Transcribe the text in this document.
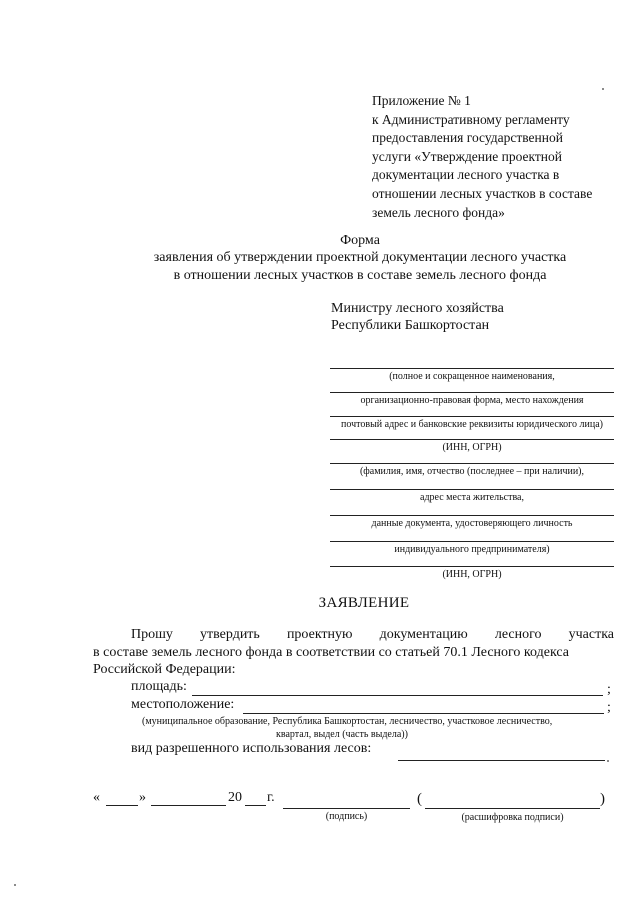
Приложение № 1
к Административному регламенту
предоставления государственной
услуги «Утверждение проектной
документации лесного участка в
отношении лесных участков в составе
земель лесного фонда»
Форма
заявления об утверждении проектной документации лесного участка
в отношении лесных участков в составе земель лесного фонда
Министру лесного хозяйства
Республики Башкортостан
(полное и сокращенное наименования,
организационно-правовая форма, место нахождения
почтовый адрес и банковские реквизиты юридического лица)
(ИНН, ОГРН)
(фамилия, имя, отчество (последнее – при наличии),
адрес места жительства,
данные документа, удостоверяющего личность
индивидуального предпринимателя)
(ИНН, ОГРН)
ЗАЯВЛЕНИЕ
Прошу утвердить проектную документацию лесного участка
в составе земель лесного фонда в соответствии со статьей 70.1 Лесного кодекса
Российской Федерации:
площадь:	;
местоположение:	;
(муниципальное образование, Республика Башкортостан, лесничество, участковое лесничество,
квартал, выдел (часть выдела))
вид разрешенного использования лесов:
«	»	20 г.
(подпись)
(	)
(расшифровка подписи)
